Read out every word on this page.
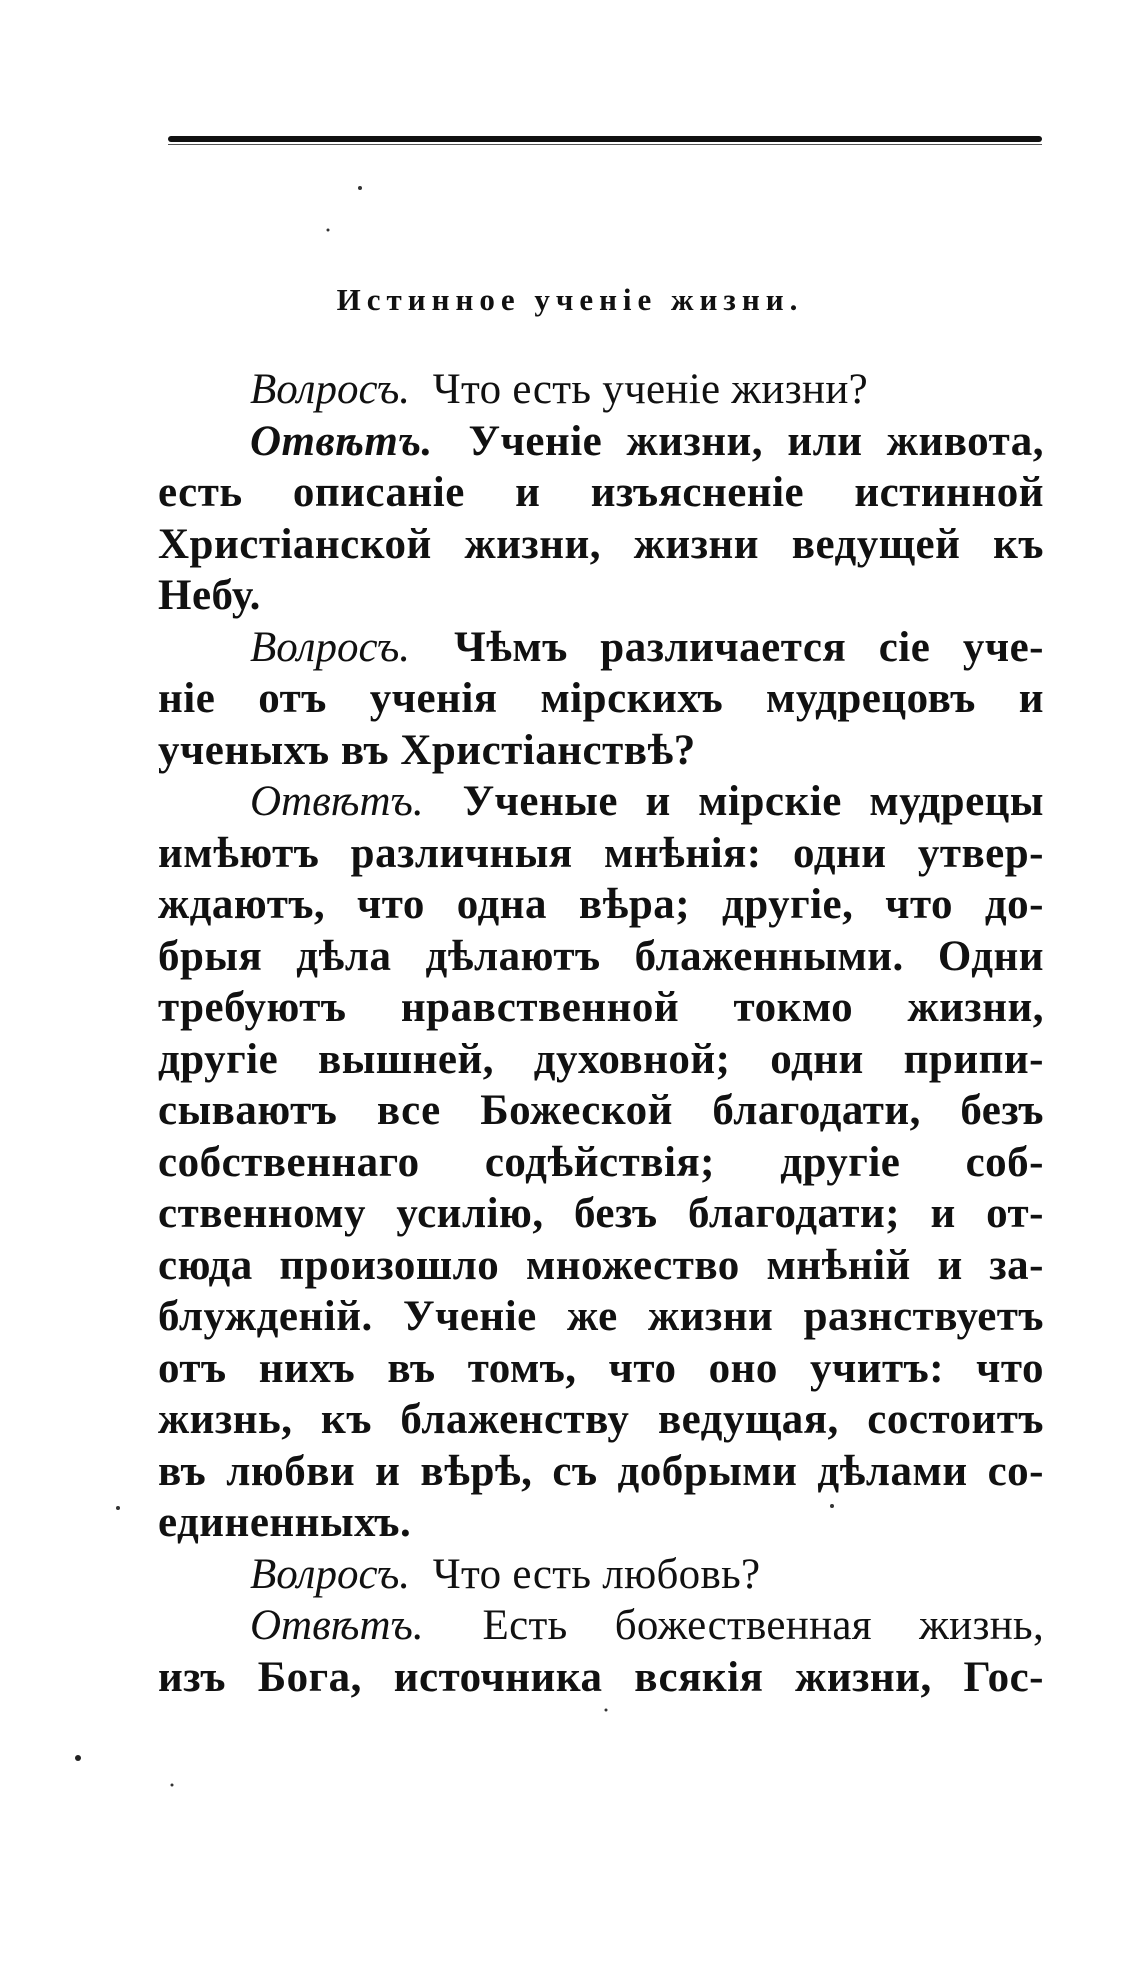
Истинное ученіе жизни.
Волросъ. Что есть ученіе жизни?
Отвѣтъ. Ученіе жизни, или живота,
есть описаніе и изъясненіе истинной
Христіанской жизни, жизни ведущей къ
Небу.
Волросъ. Чѣмъ различается сіе уче-
ніе отъ ученія мірскихъ мудрецовъ и
ученыхъ въ Христіанствѣ?
Отвѣтъ. Ученые и мірскіе мудрецы
имѣютъ различныя мнѣнія: одни утвер-
ждаютъ, что одна вѣра; другіе, что до-
брыя дѣла дѣлаютъ блаженными. Одни
требуютъ нравственной токмо жизни,
другіе вышней, духовной; одни припи-
сываютъ все Божеской благодати, безъ
собственнаго содѣйствія; другіе соб-
ственному усилію, безъ благодати; и от-
сюда произошло множество мнѣній и за-
блужденій. Ученіе же жизни разнствуетъ
отъ нихъ въ томъ, что оно учитъ: что
жизнь, къ блаженству ведущая, состоитъ
въ любви и вѣрѣ, съ добрыми дѣлами со-
единенныхъ.
Волросъ. Что есть любовь?
Отвѣтъ. Есть божественная жизнь,
изъ Бога, источника всякія жизни, Гос-
